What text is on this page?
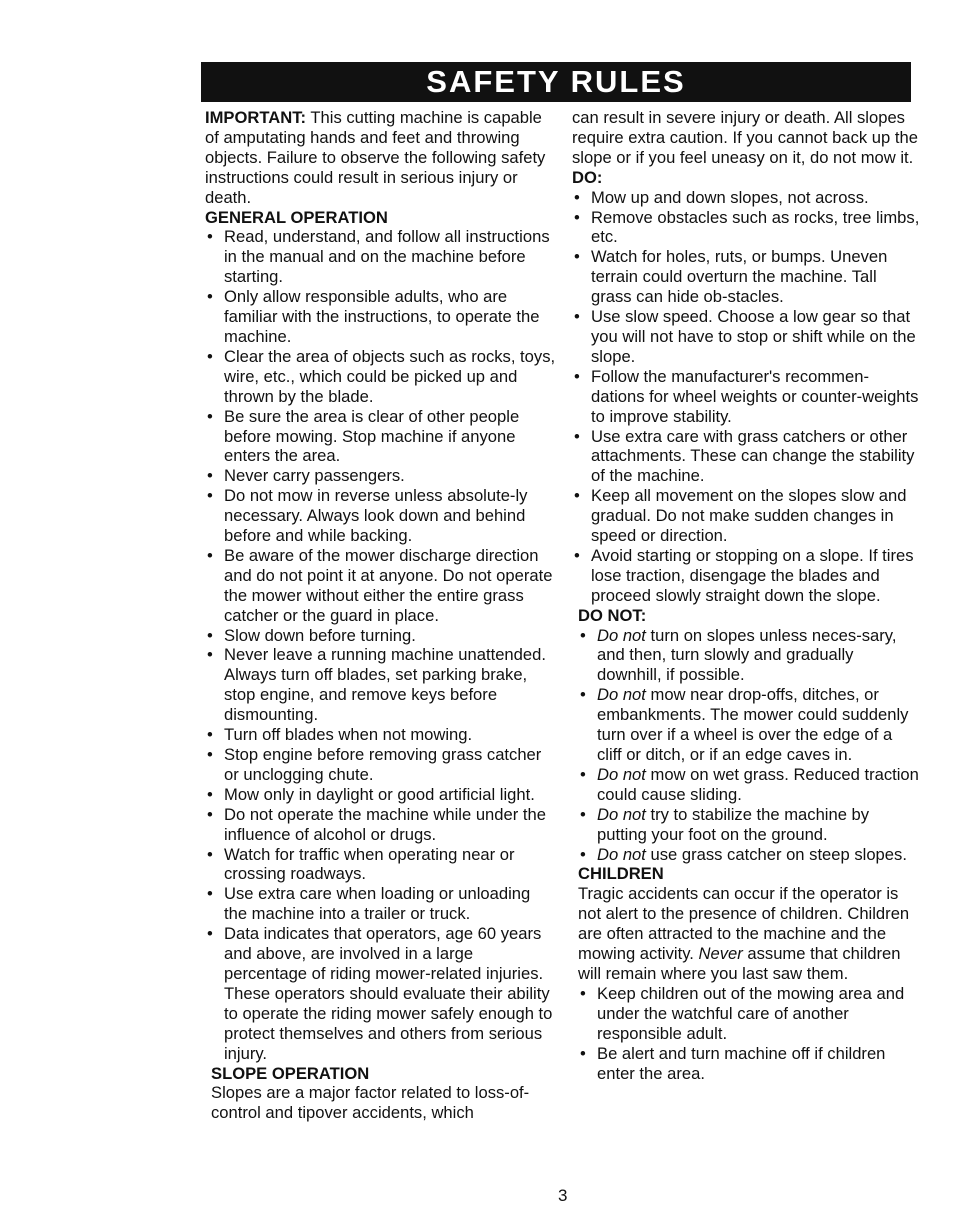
SAFETY RULES

IMPORTANT: This cutting machine is capable of amputating hands and feet and throwing objects. Failure to observe the following safety instructions could result in serious injury or death.

GENERAL OPERATION

• Read, understand, and follow all instructions in the manual and on the machine before starting.
• Only allow responsible adults, who are familiar with the instructions, to operate the machine.
• Clear the area of objects such as rocks, toys, wire, etc., which could be picked up and thrown by the blade.
• Be sure the area is clear of other people before mowing. Stop machine if anyone enters the area.
• Never carry passengers.
• Do not mow in reverse unless absolute-ly necessary. Always look down and behind before and while backing.
• Be aware of the mower discharge direction and do not point it at anyone. Do not operate the mower without either the entire grass catcher or the guard in place.
• Slow down before turning.
• Never leave a running machine unattended. Always turn off blades, set parking brake, stop engine, and remove keys before dismounting.
• Turn off blades when not mowing.
• Stop engine before removing grass catcher or unclogging chute.
• Mow only in daylight or good artificial light.
• Do not operate the machine while under the influence of alcohol or drugs.
• Watch for traffic when operating near or crossing roadways.
• Use extra care when loading or unloading the machine into a trailer or truck.
• Data indicates that operators, age 60 years and above, are involved in a large percentage of riding mower-related injuries. These operators should evaluate their ability to operate the riding mower safely enough to protect themselves and others from serious injury.

SLOPE OPERATION

Slopes are a major factor related to loss-of-control and tipover accidents, which

can result in severe injury or death. All slopes require extra caution. If you cannot back up the slope or if you feel uneasy on it, do not mow it.

DO:

• Mow up and down slopes, not across.
• Remove obstacles such as rocks, tree limbs, etc.
• Watch for holes, ruts, or bumps. Uneven terrain could overturn the machine. Tall grass can hide ob-stacles.
• Use slow speed. Choose a low gear so that you will not have to stop or shift while on the slope.
• Follow the manufacturer's recommen-dations for wheel weights or counter-weights to improve stability.
• Use extra care with grass catchers or other attachments. These can change the stability of the machine.
• Keep all movement on the slopes slow and gradual. Do not make sudden changes in speed or direction.
• Avoid starting or stopping on a slope. If tires lose traction, disengage the blades and proceed slowly straight down the slope.

DO NOT:

• Do not turn on slopes unless neces-sary, and then, turn slowly and gradually downhill, if possible.
• Do not mow near drop-offs, ditches, or embankments. The mower could suddenly turn over if a wheel is over the edge of a cliff or ditch, or if an edge caves in.
• Do not mow on wet grass. Reduced traction could cause sliding.
• Do not try to stabilize the machine by putting your foot on the ground.
• Do not use grass catcher on steep slopes.

CHILDREN

Tragic accidents can occur if the operator is not alert to the presence of children. Children are often attracted to the machine and the mowing activity. Never assume that children will remain where you last saw them.

• Keep children out of the mowing area and under the watchful care of another responsible adult.
• Be alert and turn machine off if children enter the area.
3
